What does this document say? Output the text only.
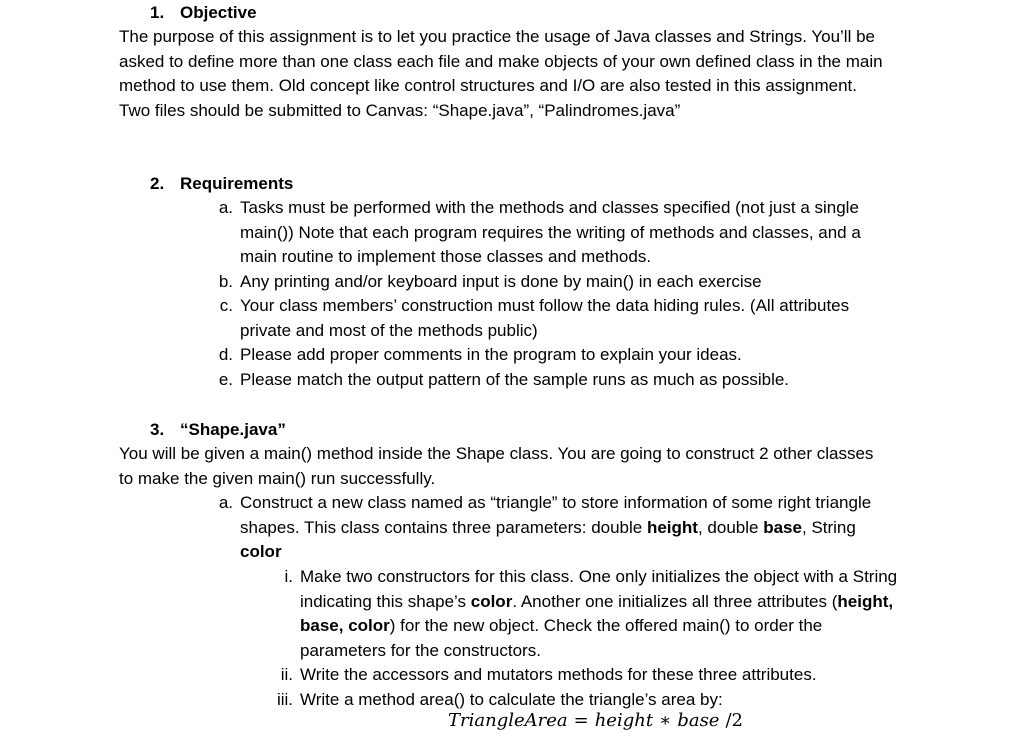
1. Objective

The purpose of this assignment is to let you practice the usage of Java classes and Strings. You’ll be asked to define more than one class each file and make objects of your own defined class in the main method to use them. Old concept like control structures and I/O are also tested in this assignment.

Two files should be submitted to Canvas: “Shape.java”, “Palindromes.java”

2. Requirements
a. Tasks must be performed with the methods and classes specified (not just a single main()) Note that each program requires the writing of methods and classes, and a main routine to implement those classes and methods.
b. Any printing and/or keyboard input is done by main() in each exercise
c. Your class members’ construction must follow the data hiding rules. (All attributes private and most of the methods public)
d. Please add proper comments in the program to explain your ideas.
e. Please match the output pattern of the sample runs as much as possible.
3. “Shape.java”

You will be given a main() method inside the Shape class. You are going to construct 2 other classes to make the given main() run successfully.

a. Construct a new class named as “triangle” to store information of some right triangle shapes. This class contains three parameters: double height, double base, String color
i. Make two constructors for this class. One only initializes the object with a String indicating this shape’s color. Another one initializes all three attributes (height, base, color) for the new object. Check the offered main() to order the parameters for the constructors.
ii. Write the accessors and mutators methods for these three attributes.
iii. Write a method area() to calculate the triangle’s area by:
TriangleArea = height ∗ base /2
